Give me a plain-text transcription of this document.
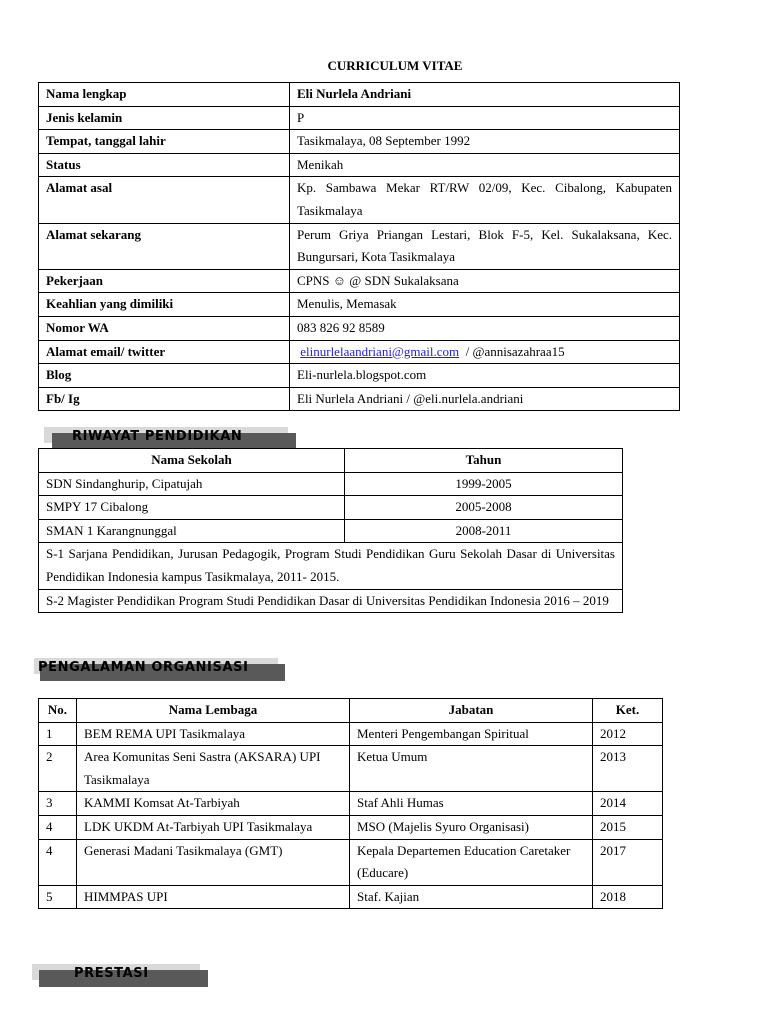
CURRICULUM VITAE
Nama lengkap	Eli Nurlela Andriani
Jenis kelamin	P
Tempat, tanggal lahir	Tasikmalaya, 08 September 1992
Status	Menikah
Alamat asal	Kp. Sambawa Mekar RT/RW 02/09, Kec. Cibalong, Kabupaten Tasikmalaya
Alamat sekarang	Perum Griya Priangan Lestari, Blok F-5, Kel. Sukalaksana, Kec. Bungursari, Kota Tasikmalaya
Pekerjaan	CPNS ☺ @ SDN Sukalaksana
Keahlian yang dimiliki	Menulis, Memasak
Nomor WA	083 826 92 8589
Alamat email/ twitter	elinurlelaandriani@gmail.com / @annisazahraa15
Blog	Eli-nurlela.blogspot.com
Fb/ Ig	Eli Nurlela Andriani / @eli.nurlela.andriani
RIWAYAT PENDIDIKAN
Nama Sekolah	Tahun
SDN Sindanghurip, Cipatujah	1999-2005
SMPY 17 Cibalong	2005-2008
SMAN 1 Karangnunggal	2008-2011
S-1 Sarjana Pendidikan, Jurusan Pedagogik, Program Studi Pendidikan Guru Sekolah Dasar di Universitas Pendidikan Indonesia kampus Tasikmalaya, 2011- 2015.	
S-2 Magister Pendidikan Program Studi Pendidikan Dasar di Universitas Pendidikan Indonesia 2016 – 2019	
PENGALAMAN ORGANISASI
No.	Nama Lembaga	Jabatan	Ket.
1	BEM REMA UPI Tasikmalaya	Menteri Pengembangan Spiritual	2012
2	Area Komunitas Seni Sastra (AKSARA) UPI Tasikmalaya	Ketua Umum	2013
3	KAMMI Komsat At-Tarbiyah	Staf Ahli Humas	2014
4	LDK UKDM At-Tarbiyah UPI Tasikmalaya	MSO (Majelis Syuro Organisasi)	2015
4	Generasi Madani Tasikmalaya (GMT)	Kepala Departemen Education Caretaker (Educare)	2017
5	HIMMPAS UPI	Staf. Kajian	2018
PRESTASI
